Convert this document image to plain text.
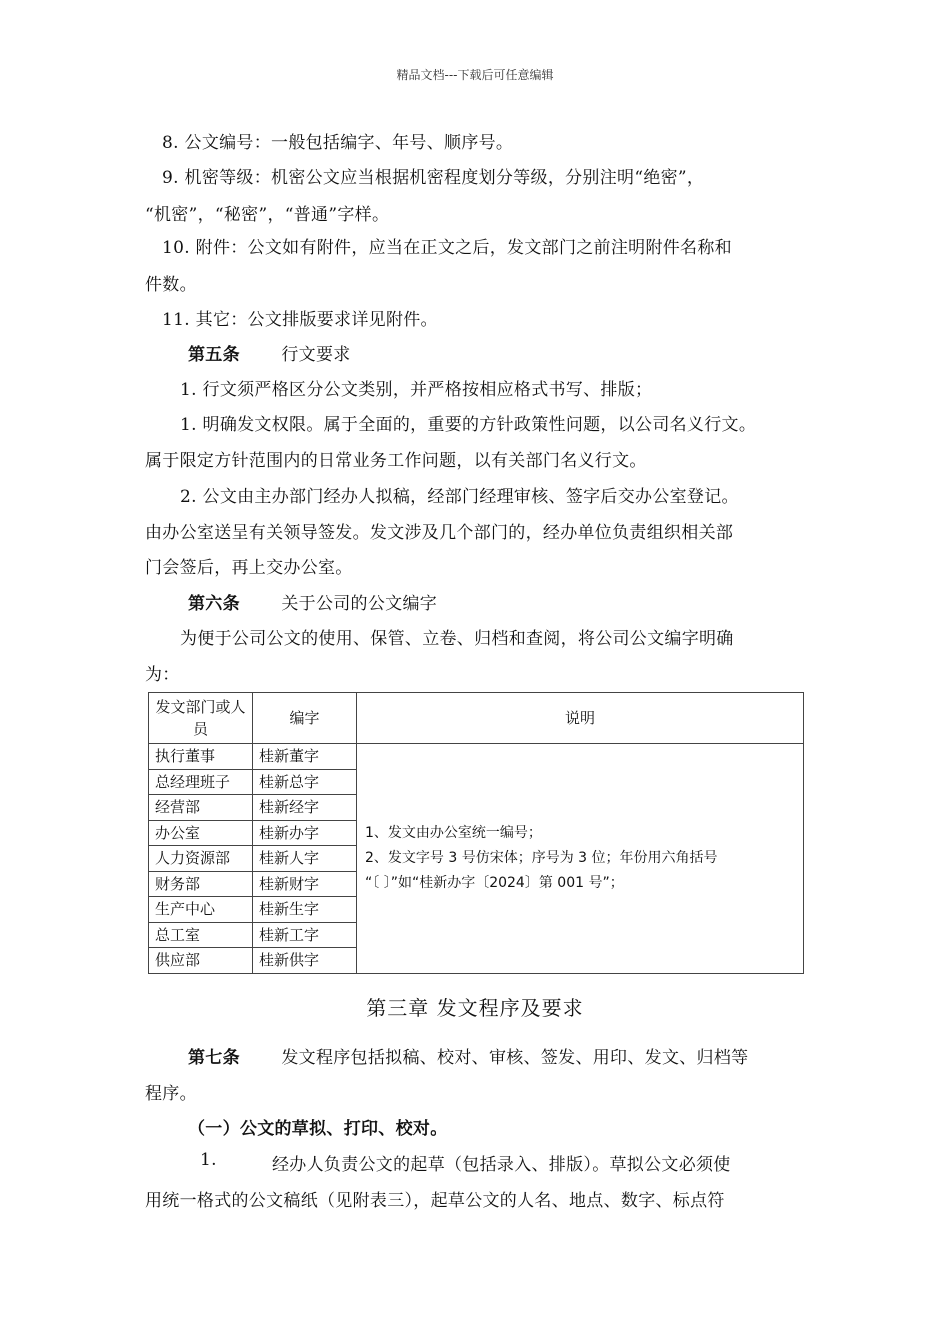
精品文档---下载后可任意编辑
8. 公文编号：一般包括编字、年号、顺序号。
9. 机密等级：机密公文应当根据机密程度划分等级，分别注明“绝密”，
“机密”，“秘密”，“普通”字样。
10. 附件：公文如有附件，应当在正文之后，发文部门之前注明附件名称和
件数。
11. 其它：公文排版要求详见附件。
第五条 行文要求
1. 行文须严格区分公文类别，并严格按相应格式书写、排版；
1. 明确发文权限。属于全面的，重要的方针政策性问题，以公司名义行文。
属于限定方针范围内的日常业务工作问题，以有关部门名义行文。
2. 公文由主办部门经办人拟稿，经部门经理审核、签字后交办公室登记。
由办公室送呈有关领导签发。发文涉及几个部门的，经办单位负责组织相关部
门会签后，再上交办公室。
第六条 关于公司的公文编字
为便于公司公文的使用、保管、立卷、归档和查阅，将公司公文编字明确
为：
发文部门或人员	编字	说明
执行董事	桂新董字	1、发文由办公室统一编号；
2、发文字号 3 号仿宋体；序号为 3 位；年份用六角括号
“〔 〕”如“桂新办字〔2024〕第 001 号”；

总经理班子	桂新总字	
经营部	桂新经字	
办公室	桂新办字	
人力资源部	桂新人字	
财务部	桂新财字	
生产中心	桂新生字	
总工室	桂新工字	
供应部	桂新供字	
第三章 发文程序及要求
第七条 发文程序包括拟稿、校对、审核、签发、用印、发文、归档等
程序。
（一）公文的草拟、打印、校对。
1.	经办人负责公文的起草（包括录入、排版）。草拟公文必须使
用统一格式的公文稿纸（见附表三），起草公文的人名、地点、数字、标点符
